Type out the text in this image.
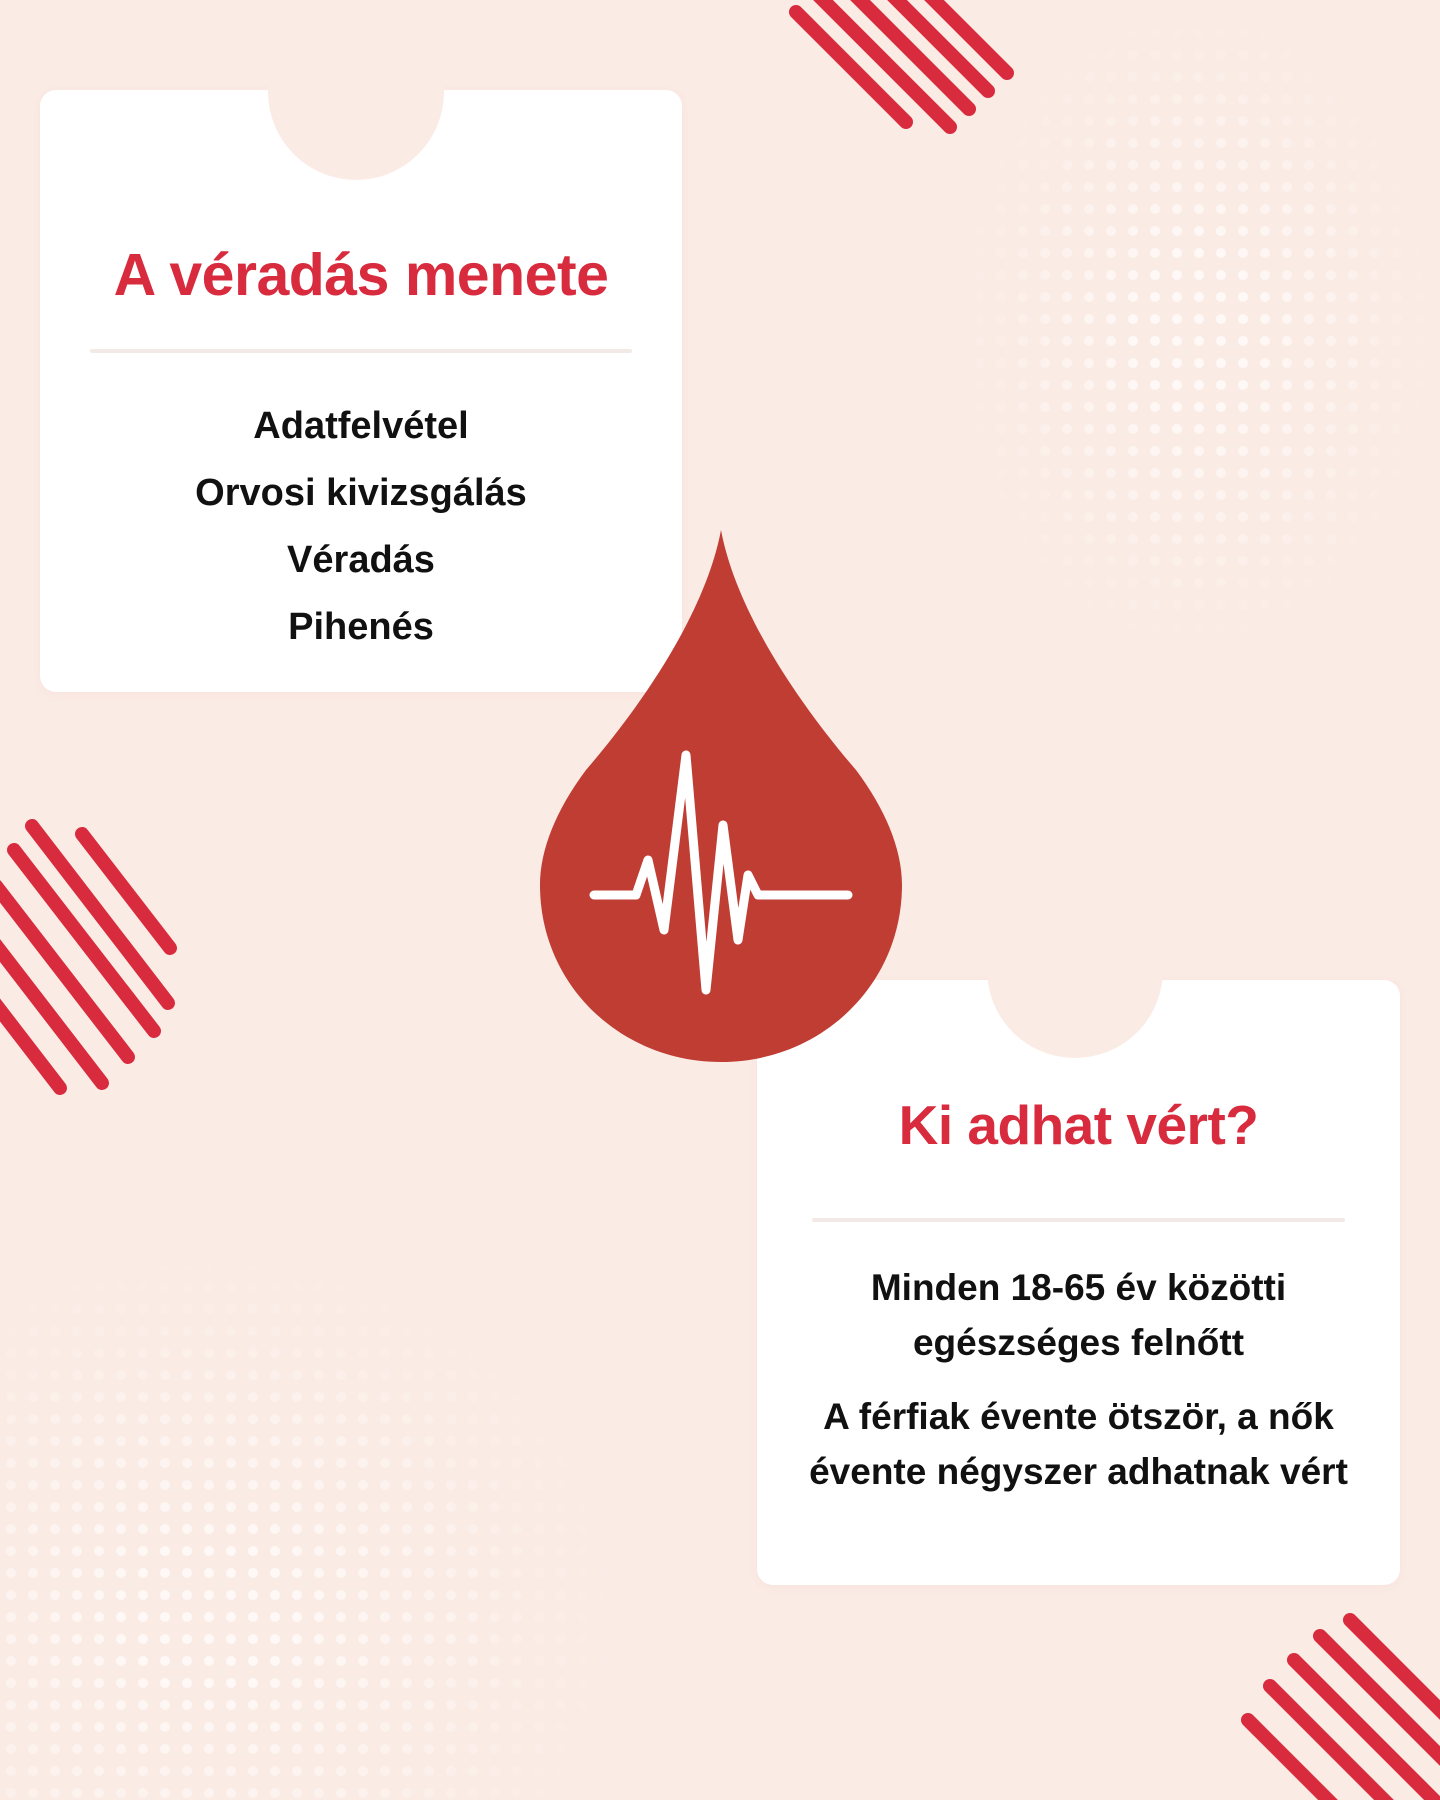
A véradás menete
Adatfelvétel
Orvosi kivizsgálás
Véradás
Pihenés
Ki adhat vért?
Minden 18-65 év közötti egészséges felnőtt
A férfiak évente ötször, a nők évente négyszer adhatnak vért
